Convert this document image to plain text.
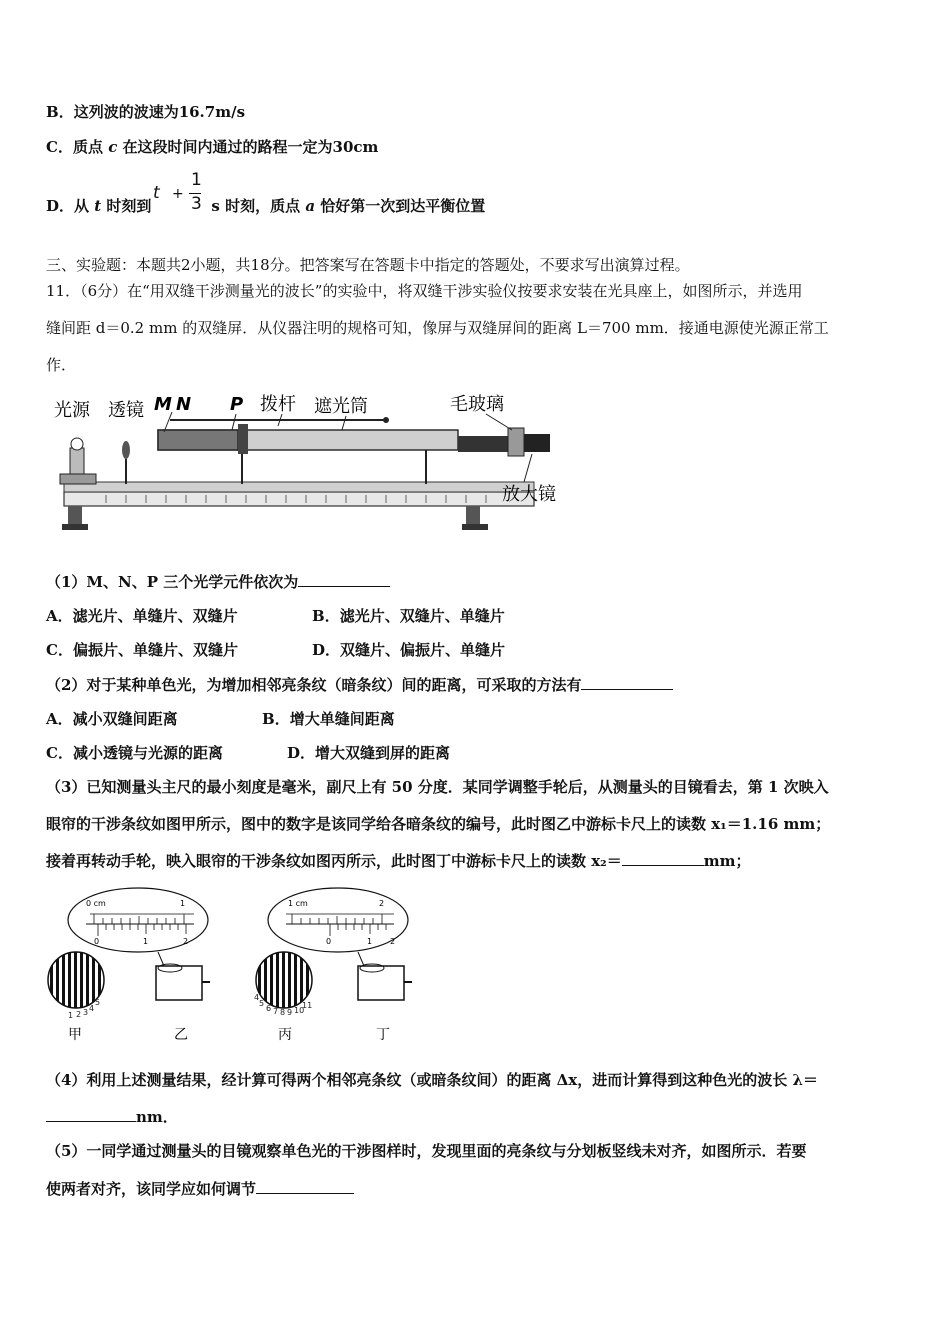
B．这列波的波速为16.7m/s
C．质点 c 在这段时间内通过的路程一定为30cm
D．从 t 时刻到	s 时刻，质点 a 恰好第一次到达平衡位置
t +
1
3
三、实验题：本题共2小题，共18分。把答案写在答题卡中指定的答题处，不要求写出演算过程。
11．（6分）在“用双缝干涉测量光的波长”的实验中，将双缝干涉实验仪按要求安装在光具座上，如图所示，并选用
缝间距 d＝0.2 mm 的双缝屏．从仪器注明的规格可知，像屏与双缝屏间的距离 L＝700 mm．接通电源使光源正常工
作．
光源 透镜 M N P 拨杆 遮光筒	毛玻璃
放大镜
（1）M、N、P 三个光学元件依次为
A．滤光片、单缝片、双缝片	B．滤光片、双缝片、单缝片
C．偏振片、单缝片、双缝片	D．双缝片、偏振片、单缝片
（2）对于某种单色光，为增加相邻亮条纹（暗条纹）间的距离，可采取的方法有
A．减小双缝间距离	B．增大单缝间距离
C．减小透镜与光源的距离	D．增大双缝到屏的距离
（3）已知测量头主尺的最小刻度是毫米，副尺上有 50 分度．某同学调整手轮后，从测量头的目镜看去，第 1 次映入
眼帘的干涉条纹如图甲所示，图中的数字是该同学给各暗条纹的编号，此时图乙中游标卡尺上的读数 x₁＝1.16 mm；
接着再转动手轮，映入眼帘的干涉条纹如图丙所示，此时图丁中游标卡尺上的读数 x₂＝	mm；
1 2 3 4
5
甲
0 cm	1
0	1	2
乙
4
5
6 7 8 9 10
11
丙
1 cm	2
0	1 2
丁
（4）利用上述测量结果，经计算可得两个相邻亮条纹（或暗条纹间）的距离 Δx，进而计算得到这种色光的波长 λ＝
nm．
（5）一同学通过测量头的目镜观察单色光的干涉图样时，发现里面的亮条纹与分划板竖线未对齐，如图所示．若要
使两者对齐，该同学应如何调节
